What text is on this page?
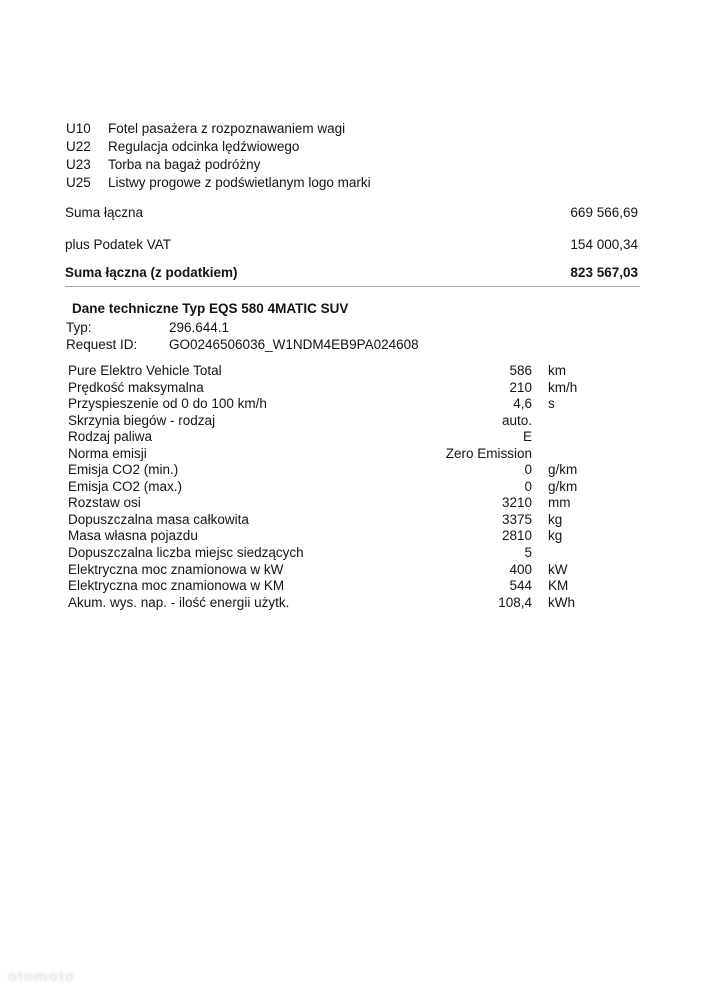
U10	Fotel pasażera z rozpoznawaniem wagi
U22	Regulacja odcinka lędźwiowego
U23	Torba na bagaż podróżny
U25	Listwy progowe z podświetlanym logo marki
Suma łączna	669 566,69
plus Podatek VAT	154 000,34
Suma łączna (z podatkiem)	823 567,03
Dane techniczne Typ EQS 580 4MATIC SUV
Typ:	296.644.1
Request ID:	GO0246506036_W1NDM4EB9PA024608
Pure Elektro Vehicle Total	586 km
Prędkość maksymalna	210 km/h
Przyspieszenie od 0 do 100 km/h	4,6 s
Skrzynia biegów - rodzaj	auto.
Rodzaj paliwa	E
Norma emisji	Zero Emission
Emisja CO2 (min.)	0 g/km
Emisja CO2 (max.)	0 g/km
Rozstaw osi	3210 mm
Dopuszczalna masa całkowita	3375 kg
Masa własna pojazdu	2810 kg
Dopuszczalna liczba miejsc siedzących	5
Elektryczna moc znamionowa w kW	400 kW
Elektryczna moc znamionowa w KM	544 KM
Akum. wys. nap. - ilość energii użytk.	108,4 kWh
otomoto
